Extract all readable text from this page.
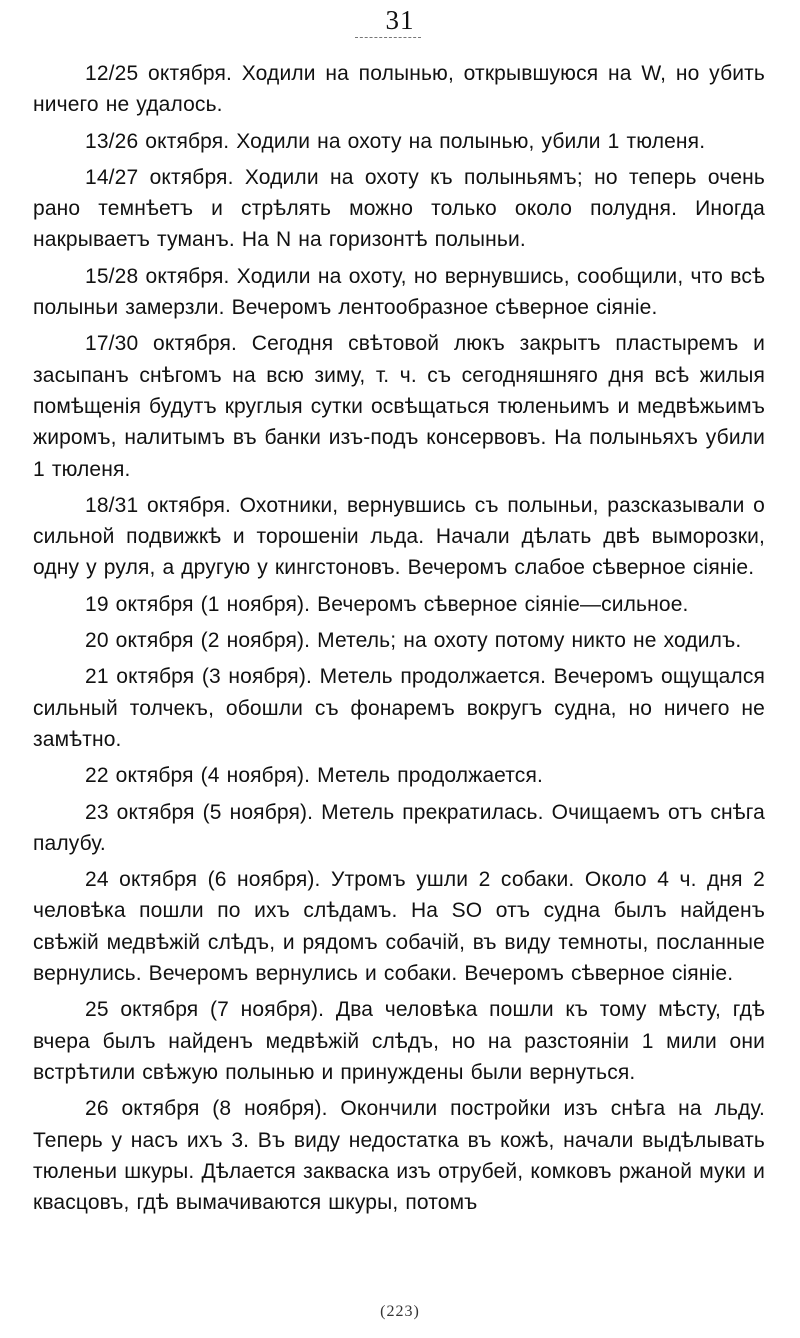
31

12/25 октября. Ходили на полынью, открывшуюся на W, но убить ничего не удалось.

13/26 октября. Ходили на охоту на полынью, убили 1 тюленя.

14/27 октября. Ходили на охоту къ полыньямъ; но теперь очень рано темнѣетъ и стрѣлять можно только около полудня. Иногда накрываетъ туманъ. На N на горизонтѣ полыньи.

15/28 октября. Ходили на охоту, но вернувшись, сообщили, что всѣ полыньи замерзли. Вечеромъ лентообразное сѣверное сіяніе.

17/30 октября. Сегодня свѣтовой люкъ закрытъ пластыремъ и засыпанъ снѣгомъ на всю зиму, т. ч. съ сегодняшняго дня всѣ жилыя помѣщенія будутъ круглыя сутки освѣщаться тюленьимъ и медвѣжьимъ жиромъ, налитымъ въ банки изъ-подъ консервовъ. На полыньяхъ убили 1 тюленя.

18/31 октября. Охотники, вернувшись съ полыньи, разсказывали о сильной подвижкѣ и торошеніи льда. Начали дѣлать двѣ выморозки, одну у руля, а другую у кингстоновъ. Вечеромъ слабое сѣверное сіяніе.

19 октября (1 ноября). Вечеромъ сѣверное сіяніе—сильное.

20 октября (2 ноября). Метель; на охоту потому никто не ходилъ.

21 октября (3 ноября). Метель продолжается. Вечеромъ ощущался сильный толчекъ, обошли съ фонаремъ вокругъ судна, но ничего не замѣтно.

22 октября (4 ноября). Метель продолжается.

23 октября (5 ноября). Метель прекратилась. Очищаемъ отъ снѣга палубу.

24 октября (6 ноября). Утромъ ушли 2 собаки. Около 4 ч. дня 2 человѣка пошли по ихъ слѣдамъ. На SO отъ судна былъ найденъ свѣжій медвѣжій слѣдъ, и рядомъ собачій, въ виду темноты, посланные вернулись. Вечеромъ вернулись и собаки. Вечеромъ сѣверное сіяніе.

25 октября (7 ноября). Два человѣка пошли къ тому мѣсту, гдѣ вчера былъ найденъ медвѣжій слѣдъ, но на разстояніи 1 мили они встрѣтили свѣжую полынью и принуждены были вернуться.

26 октября (8 ноября). Окончили постройки изъ снѣга на льду. Теперь у насъ ихъ 3. Въ виду недостатка въ кожѣ, начали выдѣлывать тюленьи шкуры. Дѣлается закваска изъ отрубей, комковъ ржаной муки и квасцовъ, гдѣ вымачиваются шкуры, потомъ

(223)
